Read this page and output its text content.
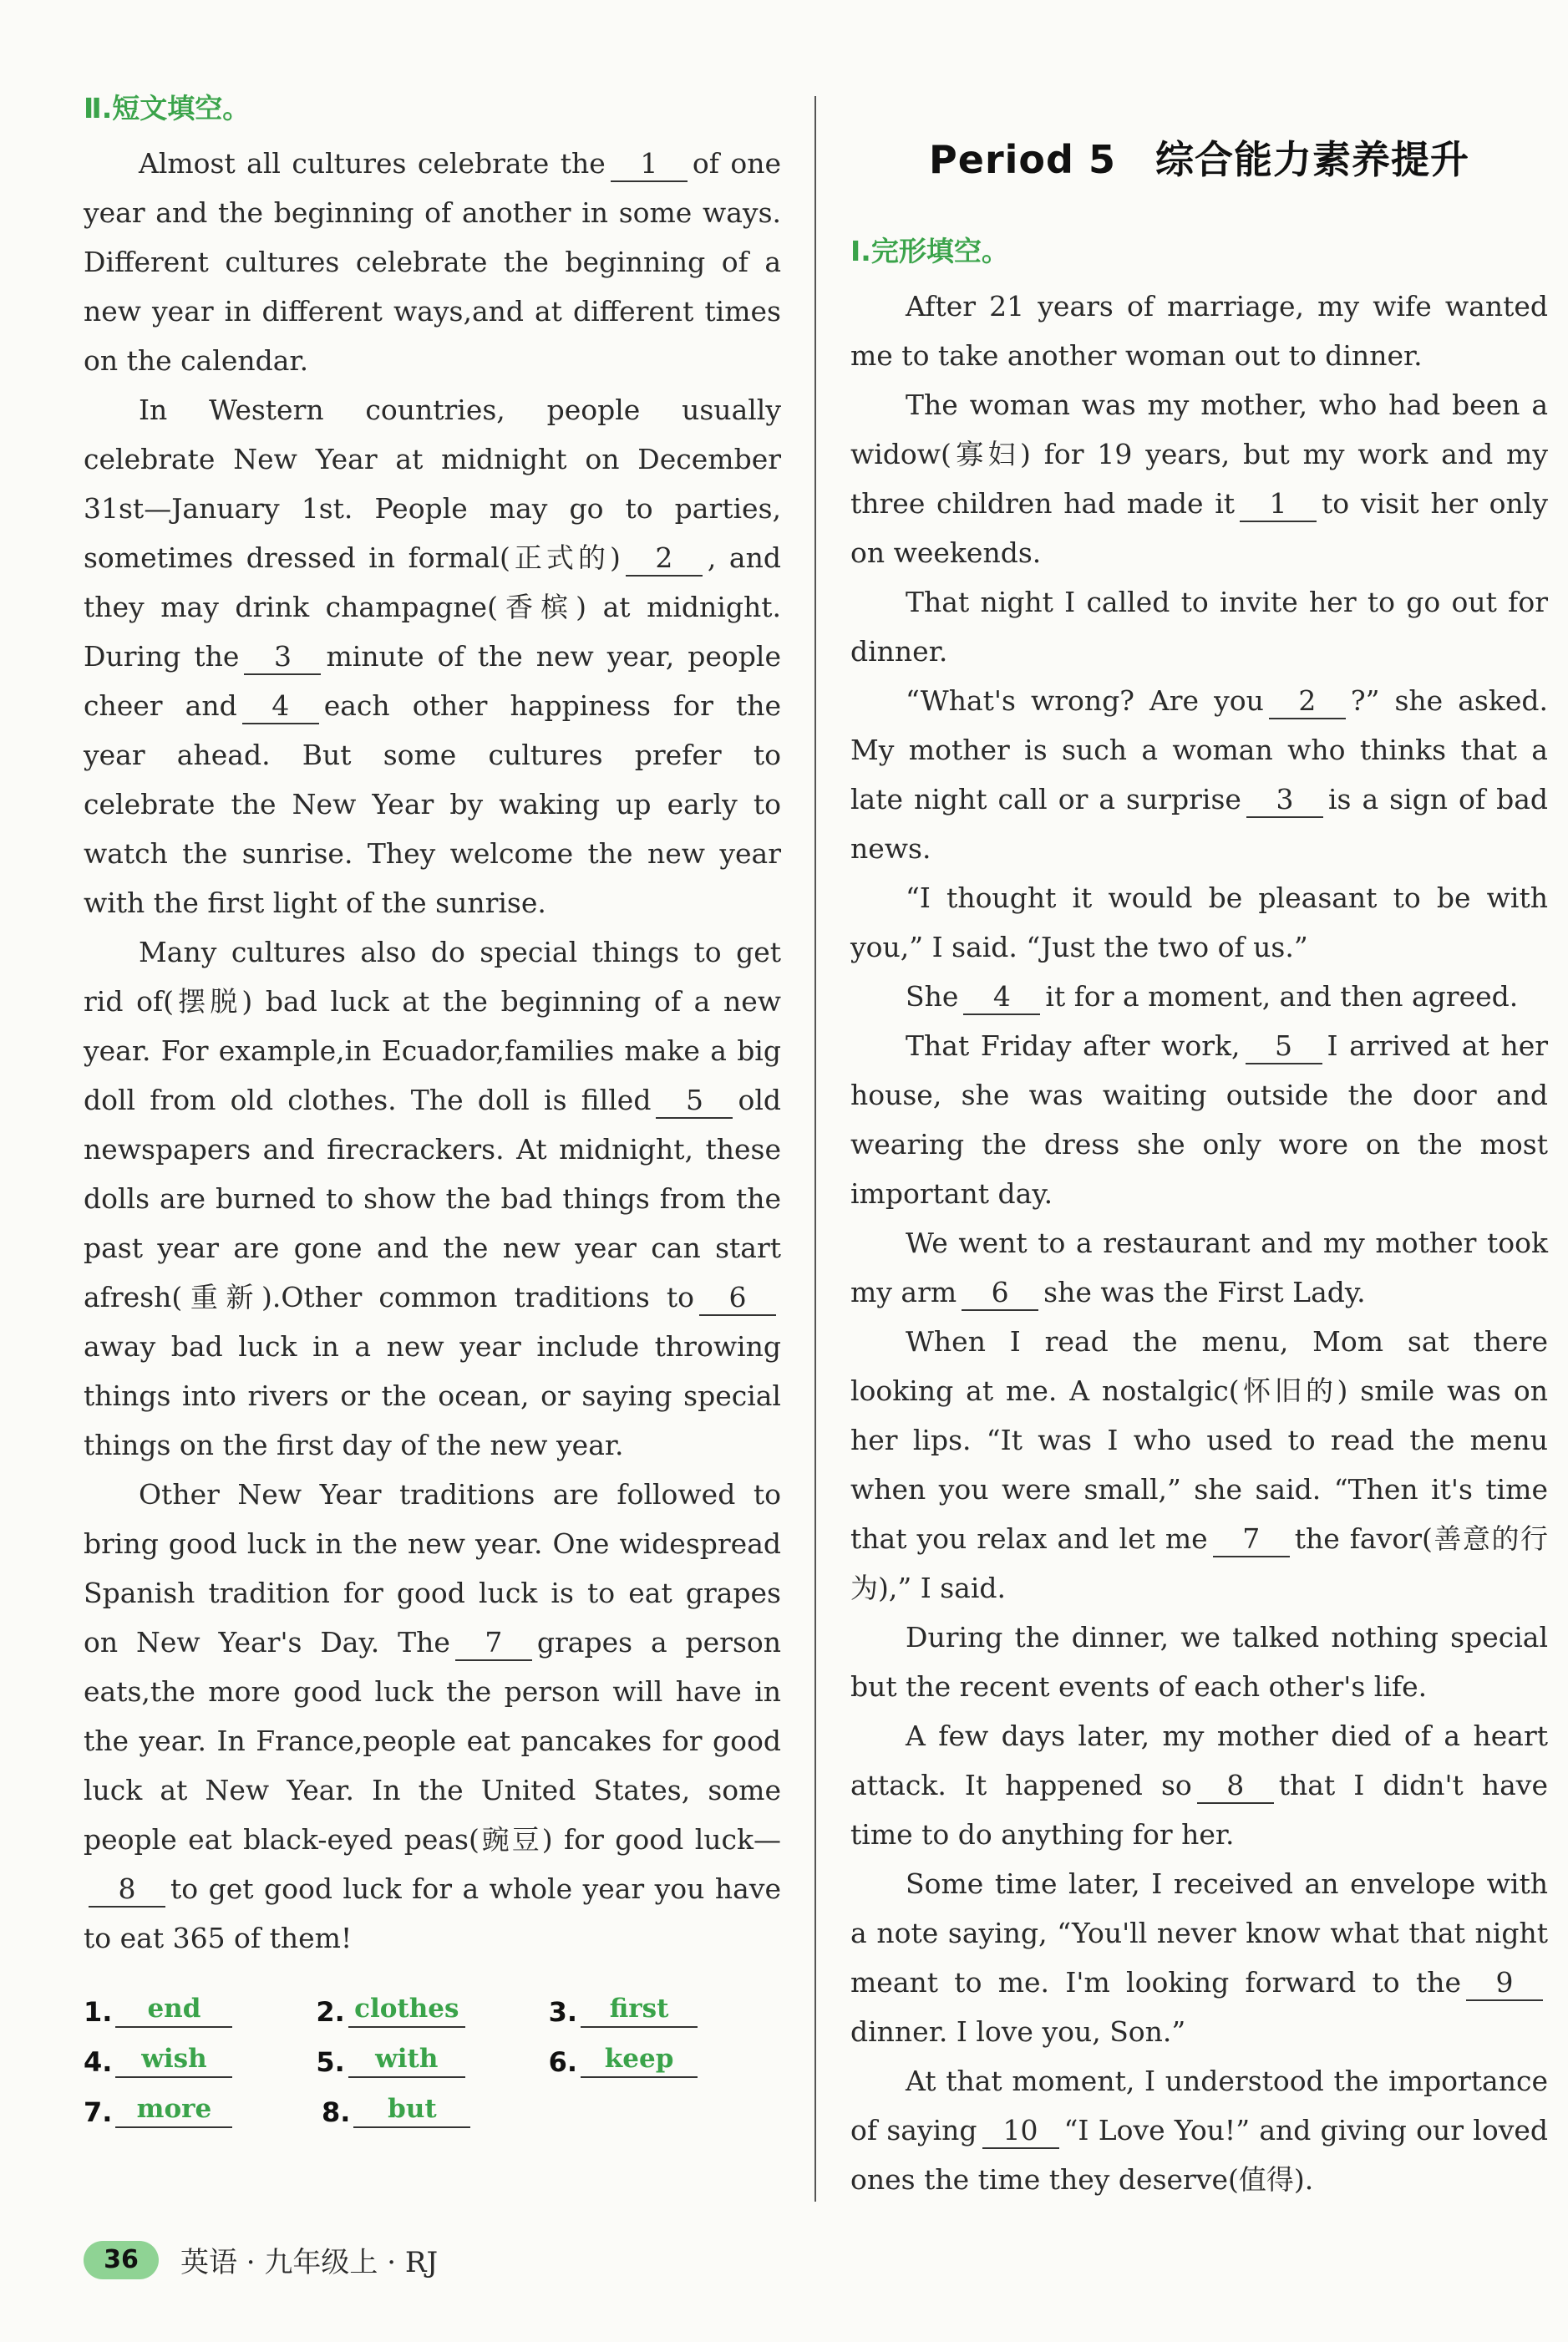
Ⅱ.短文填空。

Almost all cultures celebrate the 1 of one year and the beginning of another in some ways. Different cultures celebrate the beginning of a new year in different ways,and at different times on the calendar.

In Western countries, people usually celebrate New Year at midnight on December 31st—January 1st. People may go to parties, sometimes dressed in formal(正式的) 2 , and they may drink champagne(香槟) at midnight. During the 3 minute of the new year, people cheer and 4 each other happiness for the year ahead. But some cultures prefer to celebrate the New Year by waking up early to watch the sunrise. They welcome the new year with the first light of the sunrise.

Many cultures also do special things to get rid of(摆脱) bad luck at the beginning of a new year. For example,in Ecuador,families make a big doll from old clothes. The doll is filled 5 old newspapers and firecrackers. At midnight, these dolls are burned to show the bad things from the past year are gone and the new year can start afresh(重新).Other common traditions to 6away bad luck in a new year include throwing things into rivers or the ocean, or saying special things on the first day of the new year.

Other New Year traditions are followed to bring good luck in the new year. One widespread Spanish tradition for good luck is to eat grapes on New Year's Day. The 7 grapes a person eats,the more good luck the person will have in the year. In France,people eat pancakes for good luck at New Year. In the United States, some people eat black-eyed peas(豌豆) for good luck—8 to get good luck for a whole year you have to eat 365 of them!

1.	end	2. clothes	3.	first
4.	wish	5.	with	6.	keep
7. more	8.	but
Period 5　综合能力素养提升
Ⅰ.完形填空。

After 21 years of marriage, my wife wanted me to take another woman out to dinner.

The woman was my mother, who had been a widow(寡妇) for 19 years, but my work and my three children had made it 1 to visit her only on weekends.

That night I called to invite her to go out for dinner.

“What's wrong? Are you 2 ?” she asked. My mother is such a woman who thinks that a late night call or a surprise 3 is a sign of bad news.

“I thought it would be pleasant to be with you,” I said. “Just the two of us.”

She 4 it for a moment, and then agreed.

That Friday after work, 5 I arrived at her house, she was waiting outside the door and wearing the dress she only wore on the most important day.

We went to a restaurant and my mother took my arm 6 she was the First Lady.

When I read the menu, Mom sat there looking at me. A nostalgic(怀旧的) smile was on her lips. “It was I who used to read the menu when you were small,” she said. “Then it's time that you relax and let me 7 the favor(善意的行为),” I said.

During the dinner, we talked nothing special but the recent events of each other's life.

A few days later, my mother died of a heart attack. It happened so 8 that I didn't have time to do anything for her.

Some time later, I received an envelope with a note saying, “You'll never know what that night meant to me. I'm looking forward to the 9dinner. I love you, Son.”

At that moment, I understood the importance of saying 10 “I Love You!” and giving our loved ones the time they deserve(值得).

36	英语 · 九年级上 · RJ
